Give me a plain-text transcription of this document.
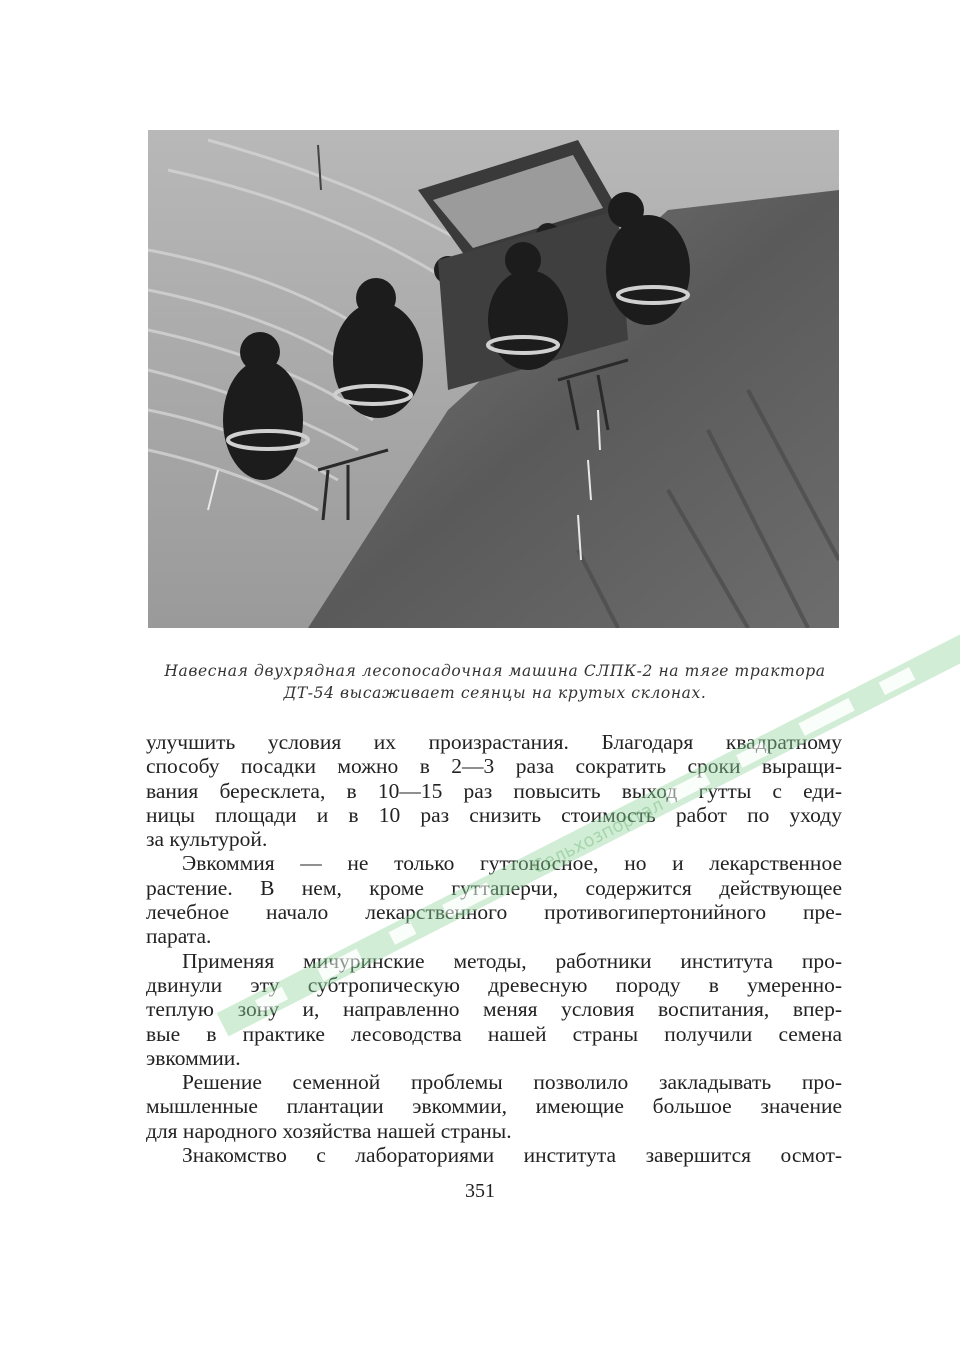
Навесная двухрядная лесопосадочная машина СЛПК-2 на тяге трактора
ДТ-54 высаживает сеянцы на крутых склонах.
улучшить условия их произрастания. Благодаря квадратному
способу посадки можно в 2—3 раза сократить сроки выращи-
вания бересклета, в 10—15 раз повысить выход гутты с еди-
ницы площади и в 10 раз снизить стоимость работ по уходу
за культурой.
Эвкоммия — не только гуттоносное, но и лекарственное
растение. В нем, кроме гуттаперчи, содержится действующее
лечебное начало лекарственного противогипертонийного пре-
парата.
Применяя мичуринские методы, работники института про-
двинули эту субтропическую древесную породу в умеренно-
теплую зону и, направленно меняя условия воспитания, впер-
вые в практике лесоводства нашей страны получили семена
эвкоммии.
Решение семенной проблемы позволило закладывать про-
мышленные плантации эвкоммии, имеющие большое значение
для народного хозяйства нашей страны.
Знакомство с лабораториями института завершится осмот-
351
Сельхозпортал
